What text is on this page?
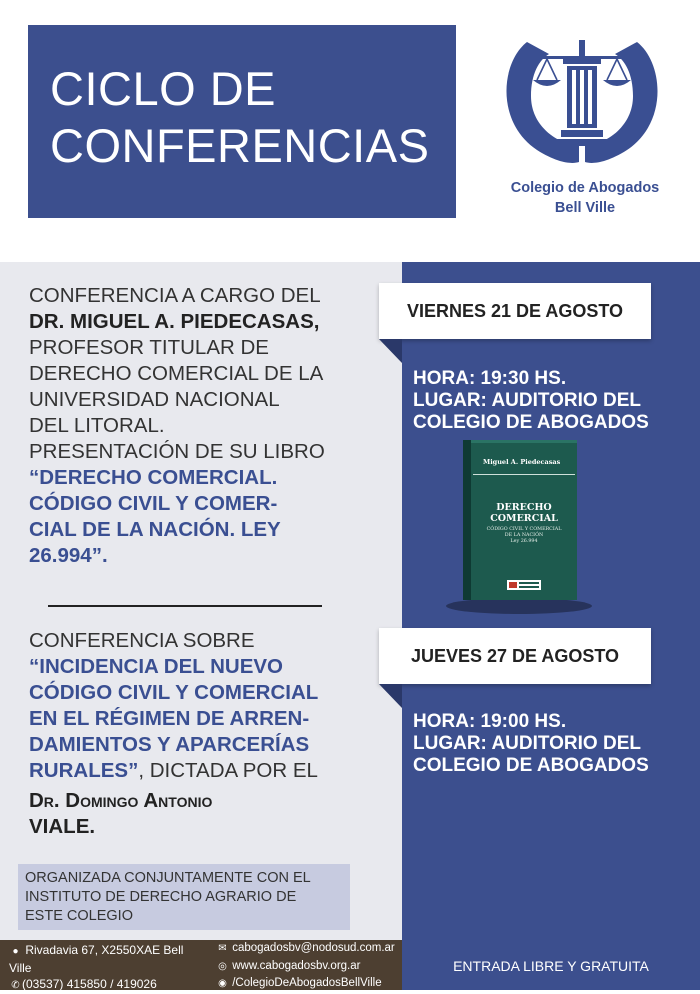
CICLO DE
CONFERENCIAS
Colegio de Abogados
Bell Ville
CONFERENCIA A CARGO DEL
DR. MIGUEL A. PIEDECASAS,
PROFESOR TITULAR DE
DERECHO COMERCIAL DE LA
UNIVERSIDAD NACIONAL
DEL LITORAL.
PRESENTACIÓN DE SU LIBRO
“DERECHO COMERCIAL.
CÓDIGO CIVIL Y COMER-
CIAL DE LA NACIÓN. LEY
26.994”.
CONFERENCIA SOBRE
“INCIDENCIA DEL NUEVO
CÓDIGO CIVIL Y COMERCIAL
EN EL RÉGIMEN DE ARREN-
DAMIENTOS Y APARCERÍAS
RURALES”, DICTADA POR EL
Dr. Domingo Antonio
VIALE.
ORGANIZADA CONJUNTAMENTE CON EL
INSTITUTO DE DERECHO AGRARIO DE
ESTE COLEGIO
VIERNES 21 DE AGOSTO
HORA: 19:30 HS.
LUGAR: AUDITORIO DEL
COLEGIO DE ABOGADOS
Miguel A. Piedecasas
DERECHO
COMERCIAL
CÓDIGO CIVIL Y COMERCIAL
DE LA NACIÓN
Ley 26.994
JUEVES 27 DE AGOSTO
HORA: 19:00 HS.
LUGAR: AUDITORIO DEL
COLEGIO DE ABOGADOS
● Rivadavia 67, X2550XAE Bell Ville
✆ (03537) 415850 / 419026
✉ cabogadosbv@nodosud.com.ar
◎ www.cabogadosbv.org.ar
◉ /ColegioDeAbogadosBellVille
ENTRADA LIBRE Y GRATUITA
